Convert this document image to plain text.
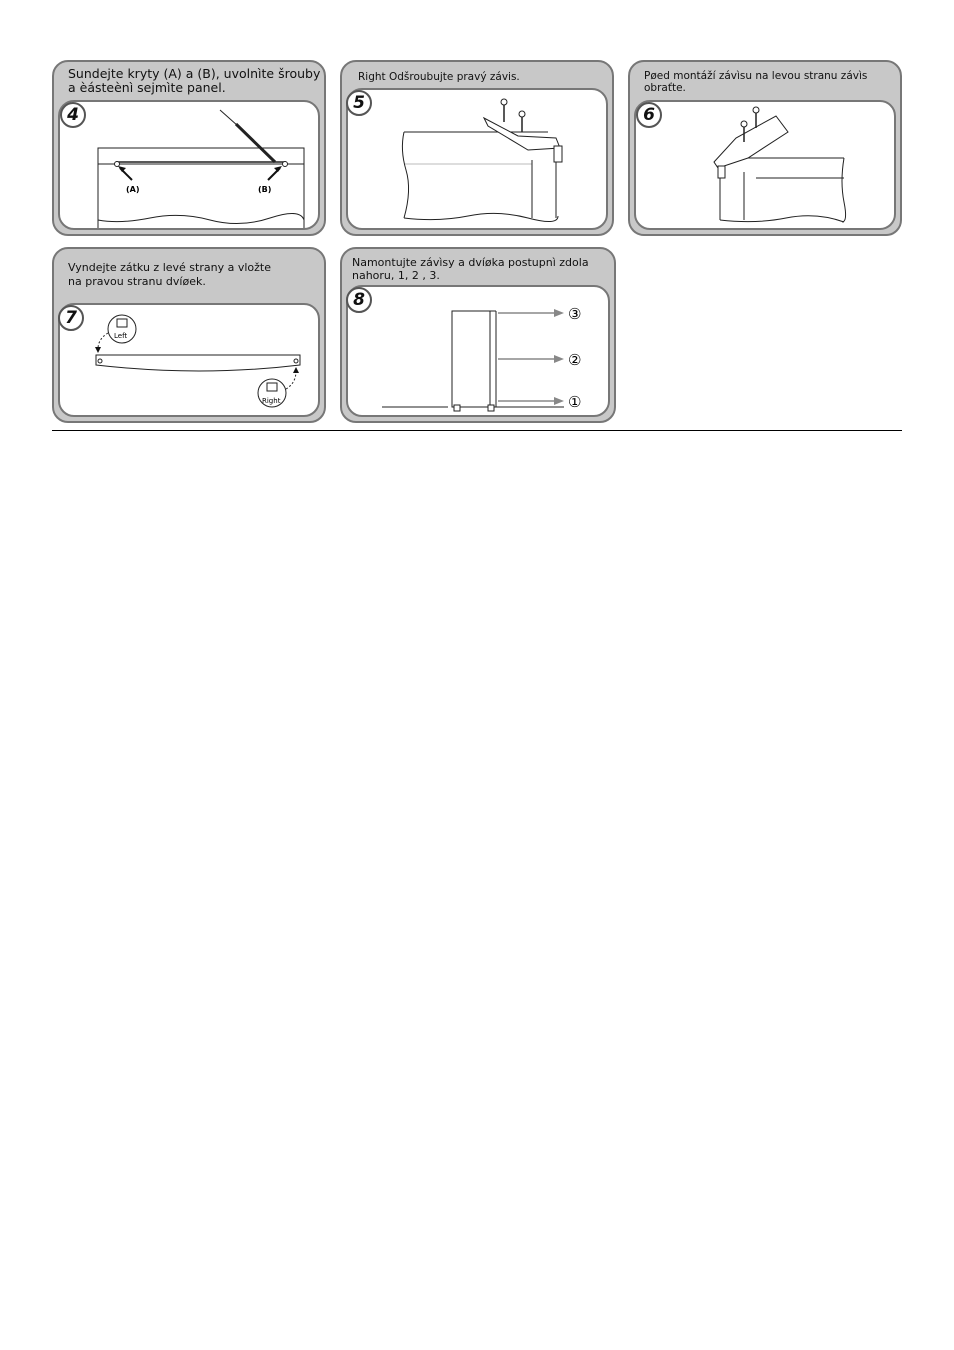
Sundejte kryty (A) a (B), uvolnìte šrouby
a èásteènì sejmìte panel.
(A)	(B)
4
Right Odšroubujte pravý závis.
5
Pøed montáží závìsu na levou stranu závìs
obraťte.
6
Vyndejte zátku z levé strany a vložte
na pravou stranu dvíøek.
Left
Right
7
Namontujte závìsy a dvíøka postupnì zdola
nahoru, 1, 2 , 3.
③
②
①
8
